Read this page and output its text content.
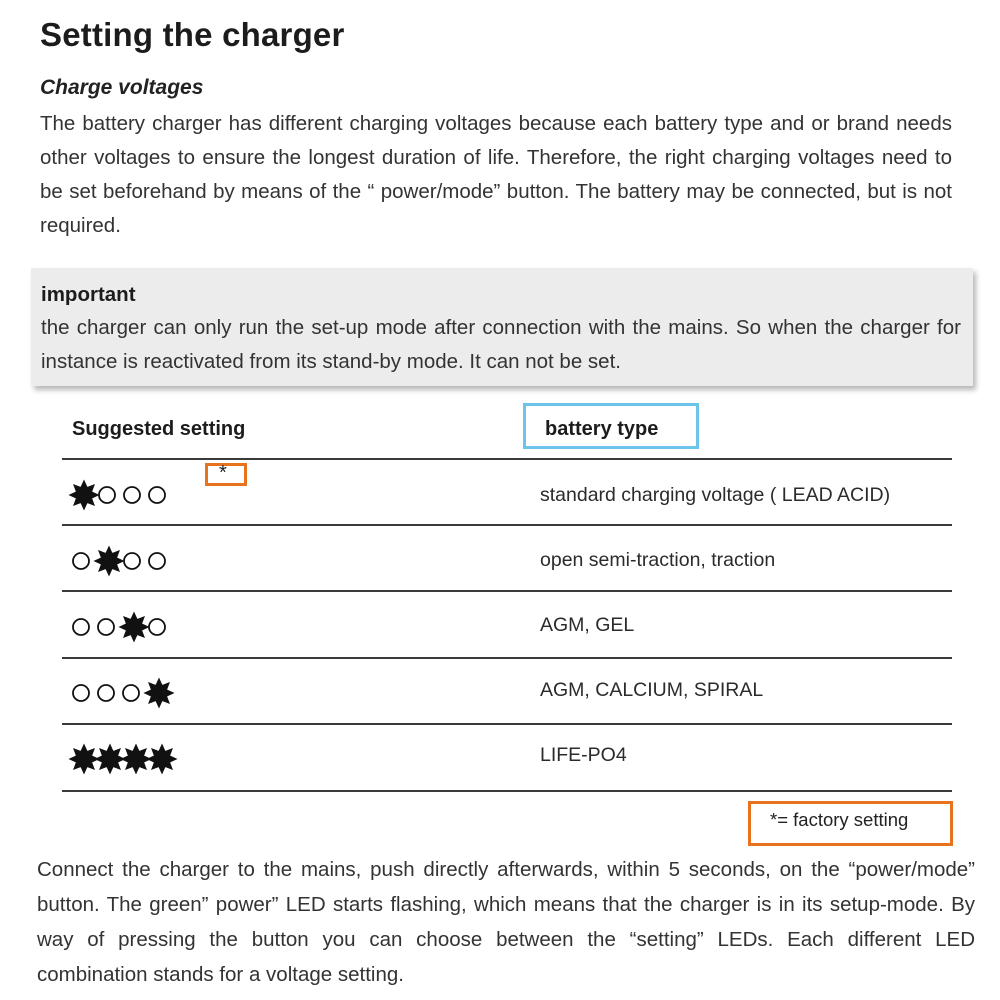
Setting the charger
Charge voltages
The battery charger has different charging voltages because each battery type and or brand needs other voltages to ensure the longest duration of life. Therefore, the right charging voltages need to be set beforehand by means of the “ power/mode” button. The battery may be connected, but is not required.
important
the charger can only run the set-up mode after connection with the mains. So when the charger for instance is reactivated from its stand-by mode. It can not be set.
Suggested setting	battery type
*
standard charging voltage ( LEAD ACID)
open semi-traction, traction
AGM, GEL
AGM, CALCIUM, SPIRAL
LIFE-PO4
*= factory setting
Connect the charger to the mains, push directly afterwards, within 5 seconds, on the “power/mode” button. The green” power” LED starts flashing, which means that the charger is in its setup-mode. By way of pressing the button you can choose between the “setting” LEDs. Each different LED combination stands for a voltage setting.
